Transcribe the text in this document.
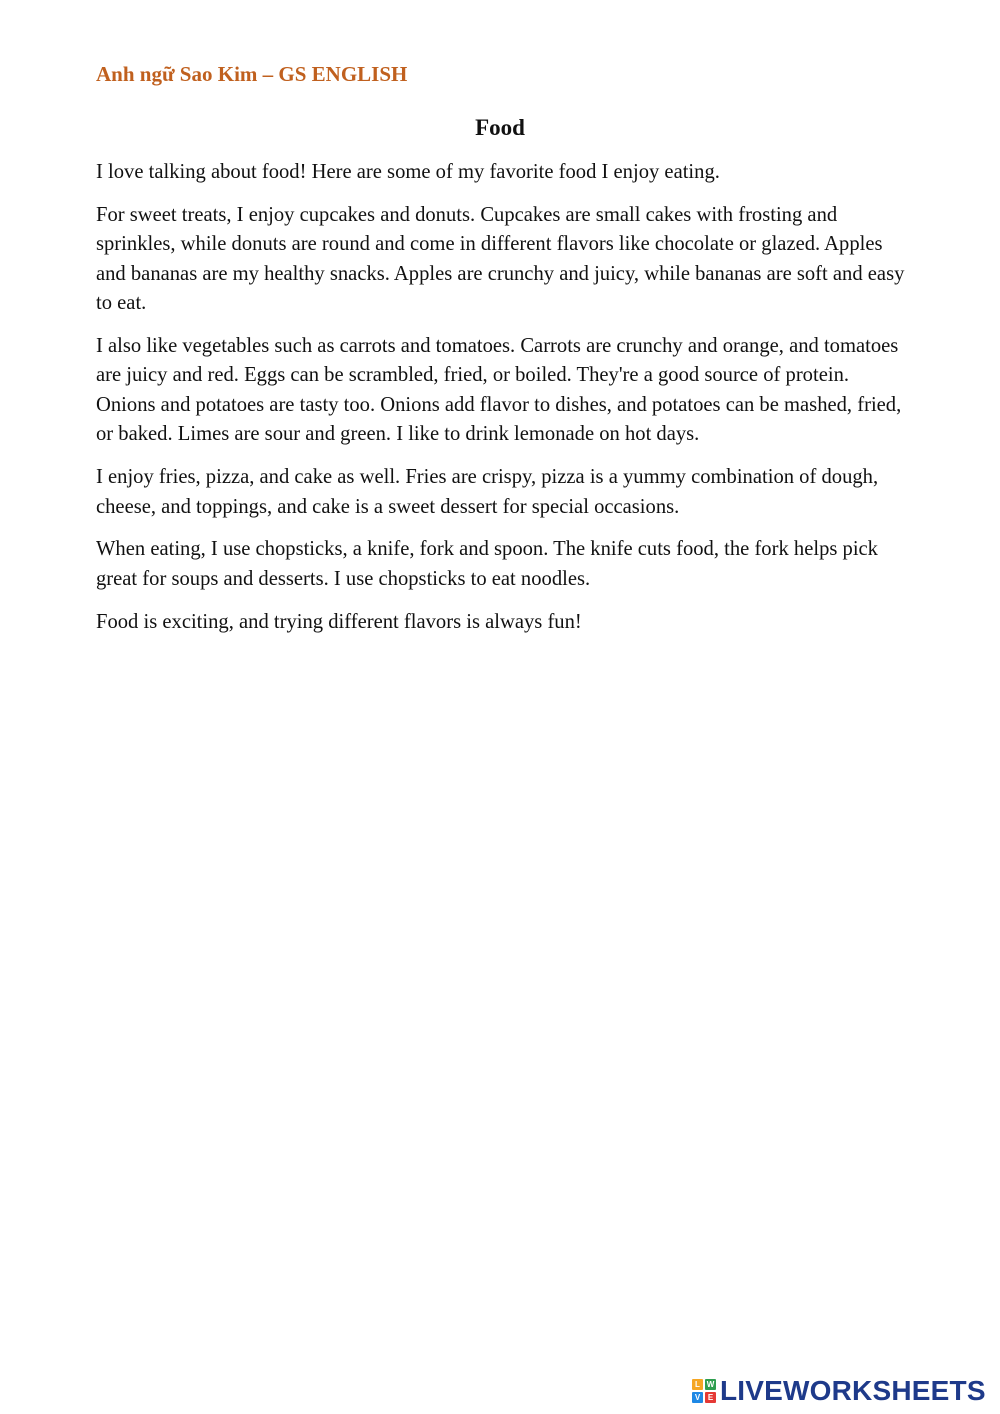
Anh ngữ Sao Kim – GS ENGLISH
Food

I love talking about food! Here are some of my favorite food I enjoy eating.

For sweet treats, I enjoy cupcakes and donuts. Cupcakes are small cakes with frosting and sprinkles, while donuts are round and come in different flavors like chocolate or glazed. Apples and bananas are my healthy snacks. Apples are crunchy and juicy, while bananas are soft and easy to eat.

I also like vegetables such as carrots and tomatoes. Carrots are crunchy and orange, and tomatoes are juicy and red. Eggs can be scrambled, fried, or boiled. They're a good source of protein. Onions and potatoes are tasty too. Onions add flavor to dishes, and potatoes can be mashed, fried, or baked. Limes are sour and green. I like to drink lemonade on hot days.

I enjoy fries, pizza, and cake as well. Fries are crispy, pizza is a yummy combination of dough, cheese, and toppings, and cake is a sweet dessert for special occasions.

When eating, I use chopsticks, a knife, fork and spoon. The knife cuts food, the fork helps pick great for soups and desserts. I use chopsticks to eat noodles.

Food is exciting, and trying different flavors is always fun!

L W
V E LIVEWORKSHEETS
